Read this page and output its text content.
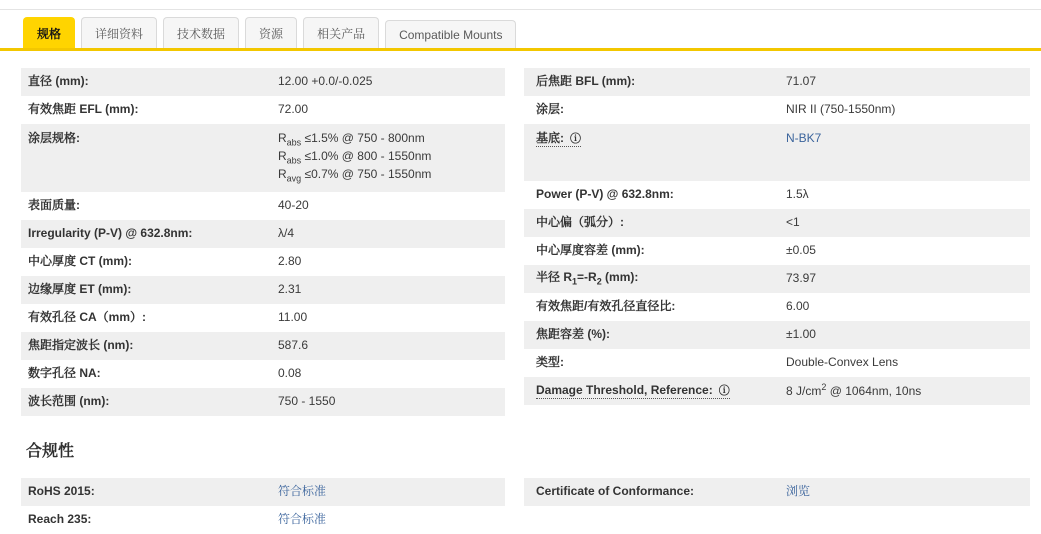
规格	详细资料	技术数据	资源	相关产品	Compatible Mounts
直径 (mm):	12.00 +0.0/-0.025
有效焦距 EFL (mm):	72.00
涂层规格:	$R_{abs} \le 1.5\%$ @ 750 - 800nm
$R_{abs} \le 1.0\%$ @ 800 - 1550nm
$R_{avg} \le 0.7\%$ @ 750 - 1550nm
表面质量:	40-20
Irregularity (P-V) @ 632.8nm:	λ/4
中心厚度 CT (mm):	2.80
边缘厚度 ET (mm):	2.31
有效孔径 CA（mm）:	11.00
焦距指定波长 (nm):	587.6
数字孔径 NA:	0.08
波长范围 (nm):	750 - 1550
后焦距 BFL (mm):	71.07
涂层:	NIR II (750-1550nm)
基底: ⓘ	N-BK7
Power (P-V) @ 632.8nm:	1.5λ
中心偏（弧分）:	<1
中心厚度容差 (mm):	±0.05
半径 $R_1=-R_2$ (mm):	73.97
有效焦距/有效孔径直径比:	6.00
焦距容差 (%):	±1.00
类型:	Double-Convex Lens
Damage Threshold, Reference: ⓘ	8 $J/cm^2$ @ 1064nm, 10ns
合规性
RoHS 2015:	符合标准
Reach 235:	符合标准
Certificate of Conformance:	浏览
